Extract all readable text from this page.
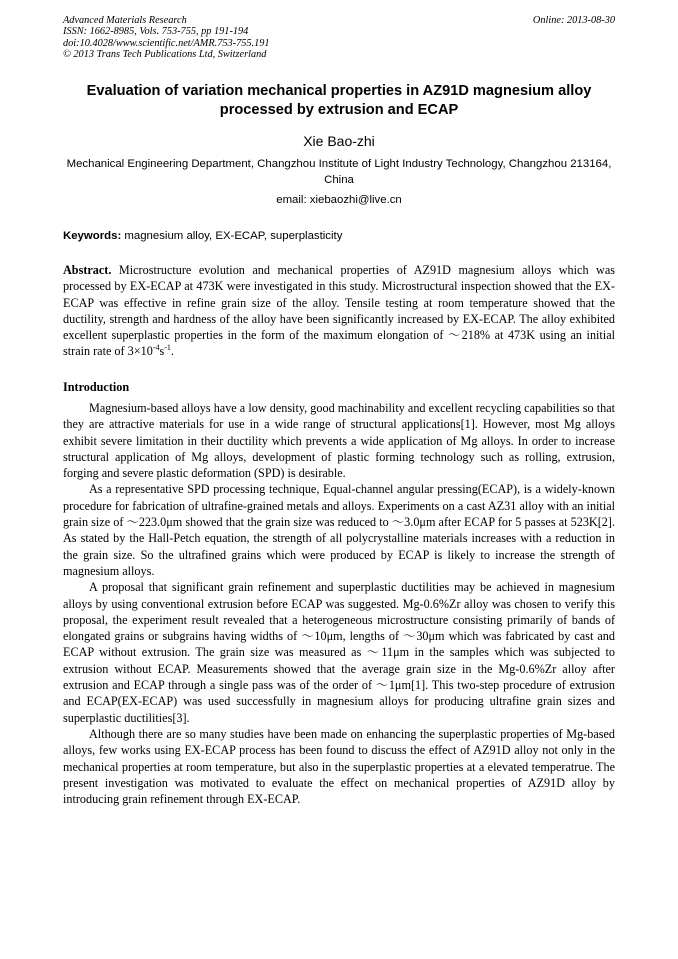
Advanced Materials Research
ISSN: 1662-8985, Vols. 753-755, pp 191-194
doi:10.4028/www.scientific.net/AMR.753-755.191
© 2013 Trans Tech Publications Ltd, Switzerland
Online: 2013-08-30
Evaluation of variation mechanical properties in AZ91D magnesium alloy processed by extrusion and ECAP
Xie Bao-zhi
Mechanical Engineering Department, Changzhou Institute of Light Industry Technology, Changzhou 213164, China
email: xiebaozhi@live.cn
Keywords: magnesium alloy, EX-ECAP, superplasticity
Abstract. Microstructure evolution and mechanical properties of AZ91D magnesium alloys which was processed by EX-ECAP at 473K were investigated in this study. Microstructural inspection showed that the EX-ECAP was effective in refine grain size of the alloy. Tensile testing at room temperature showed that the ductility, strength and hardness of the alloy have been significantly increased by EX-ECAP. The alloy exhibited excellent superplastic properties in the form of the maximum elongation of ～218% at 473K using an initial strain rate of $3\times 10^{-4}s^{-1}$.
Introduction

Magnesium-based alloys have a low density, good machinability and excellent recycling capabilities so that they are attractive materials for use in a wide range of structural applications[1]. However, most Mg alloys exhibit severe limitation in their ductility which prevents a wide application of Mg alloys. In order to increase structural application of Mg alloys, development of plastic forming technology such as rolling, extrusion, forging and severe plastic deformation (SPD) is desirable.

As a representative SPD processing technique, Equal-channel angular pressing(ECAP), is a widely-known procedure for fabrication of ultrafine-grained metals and alloys. Experiments on a cast AZ31 alloy with an initial grain size of ～223.0μm showed that the grain size was reduced to ～3.0μm after ECAP for 5 passes at 523K[2]. As stated by the Hall-Petch equation, the strength of all polycrystalline materials increases with a reduction in the grain size. So the ultrafined grains which were produced by ECAP is likely to increase the strength of magnesium alloys.

A proposal that significant grain refinement and superplastic ductilities may be achieved in magnesium alloys by using conventional extrusion before ECAP was suggested. Mg-0.6%Zr alloy was chosen to verify this proposal, the experiment result revealed that a heterogeneous microstructure consisting primarily of bands of elongated grains or subgrains having widths of ～10μm, lengths of ～30μm which was fabricated by cast and ECAP without extrusion. The grain size was measured as ～11μm in the samples which was subjected to extrusion without ECAP. Measurements showed that the average grain size in the Mg-0.6%Zr alloy after extrusion and ECAP through a single pass was of the order of ～1μm[1]. This two-step procedure of extrusion and ECAP(EX-ECAP) was used successfully in magnesium alloys for producing ultrafine grain sizes and superplastic ductilities[3].

Although there are so many studies have been made on enhancing the superplastic properties of Mg-based alloys, few works using EX-ECAP process has been found to discuss the effect of AZ91D alloy not only in the mechanical properties at room temperature, but also in the superplastic properties at a elevated temperatrue. The present investigation was motivated to evaluate the effect on mechanical properties of AZ91D alloy by introducing grain refinement through EX-ECAP.
